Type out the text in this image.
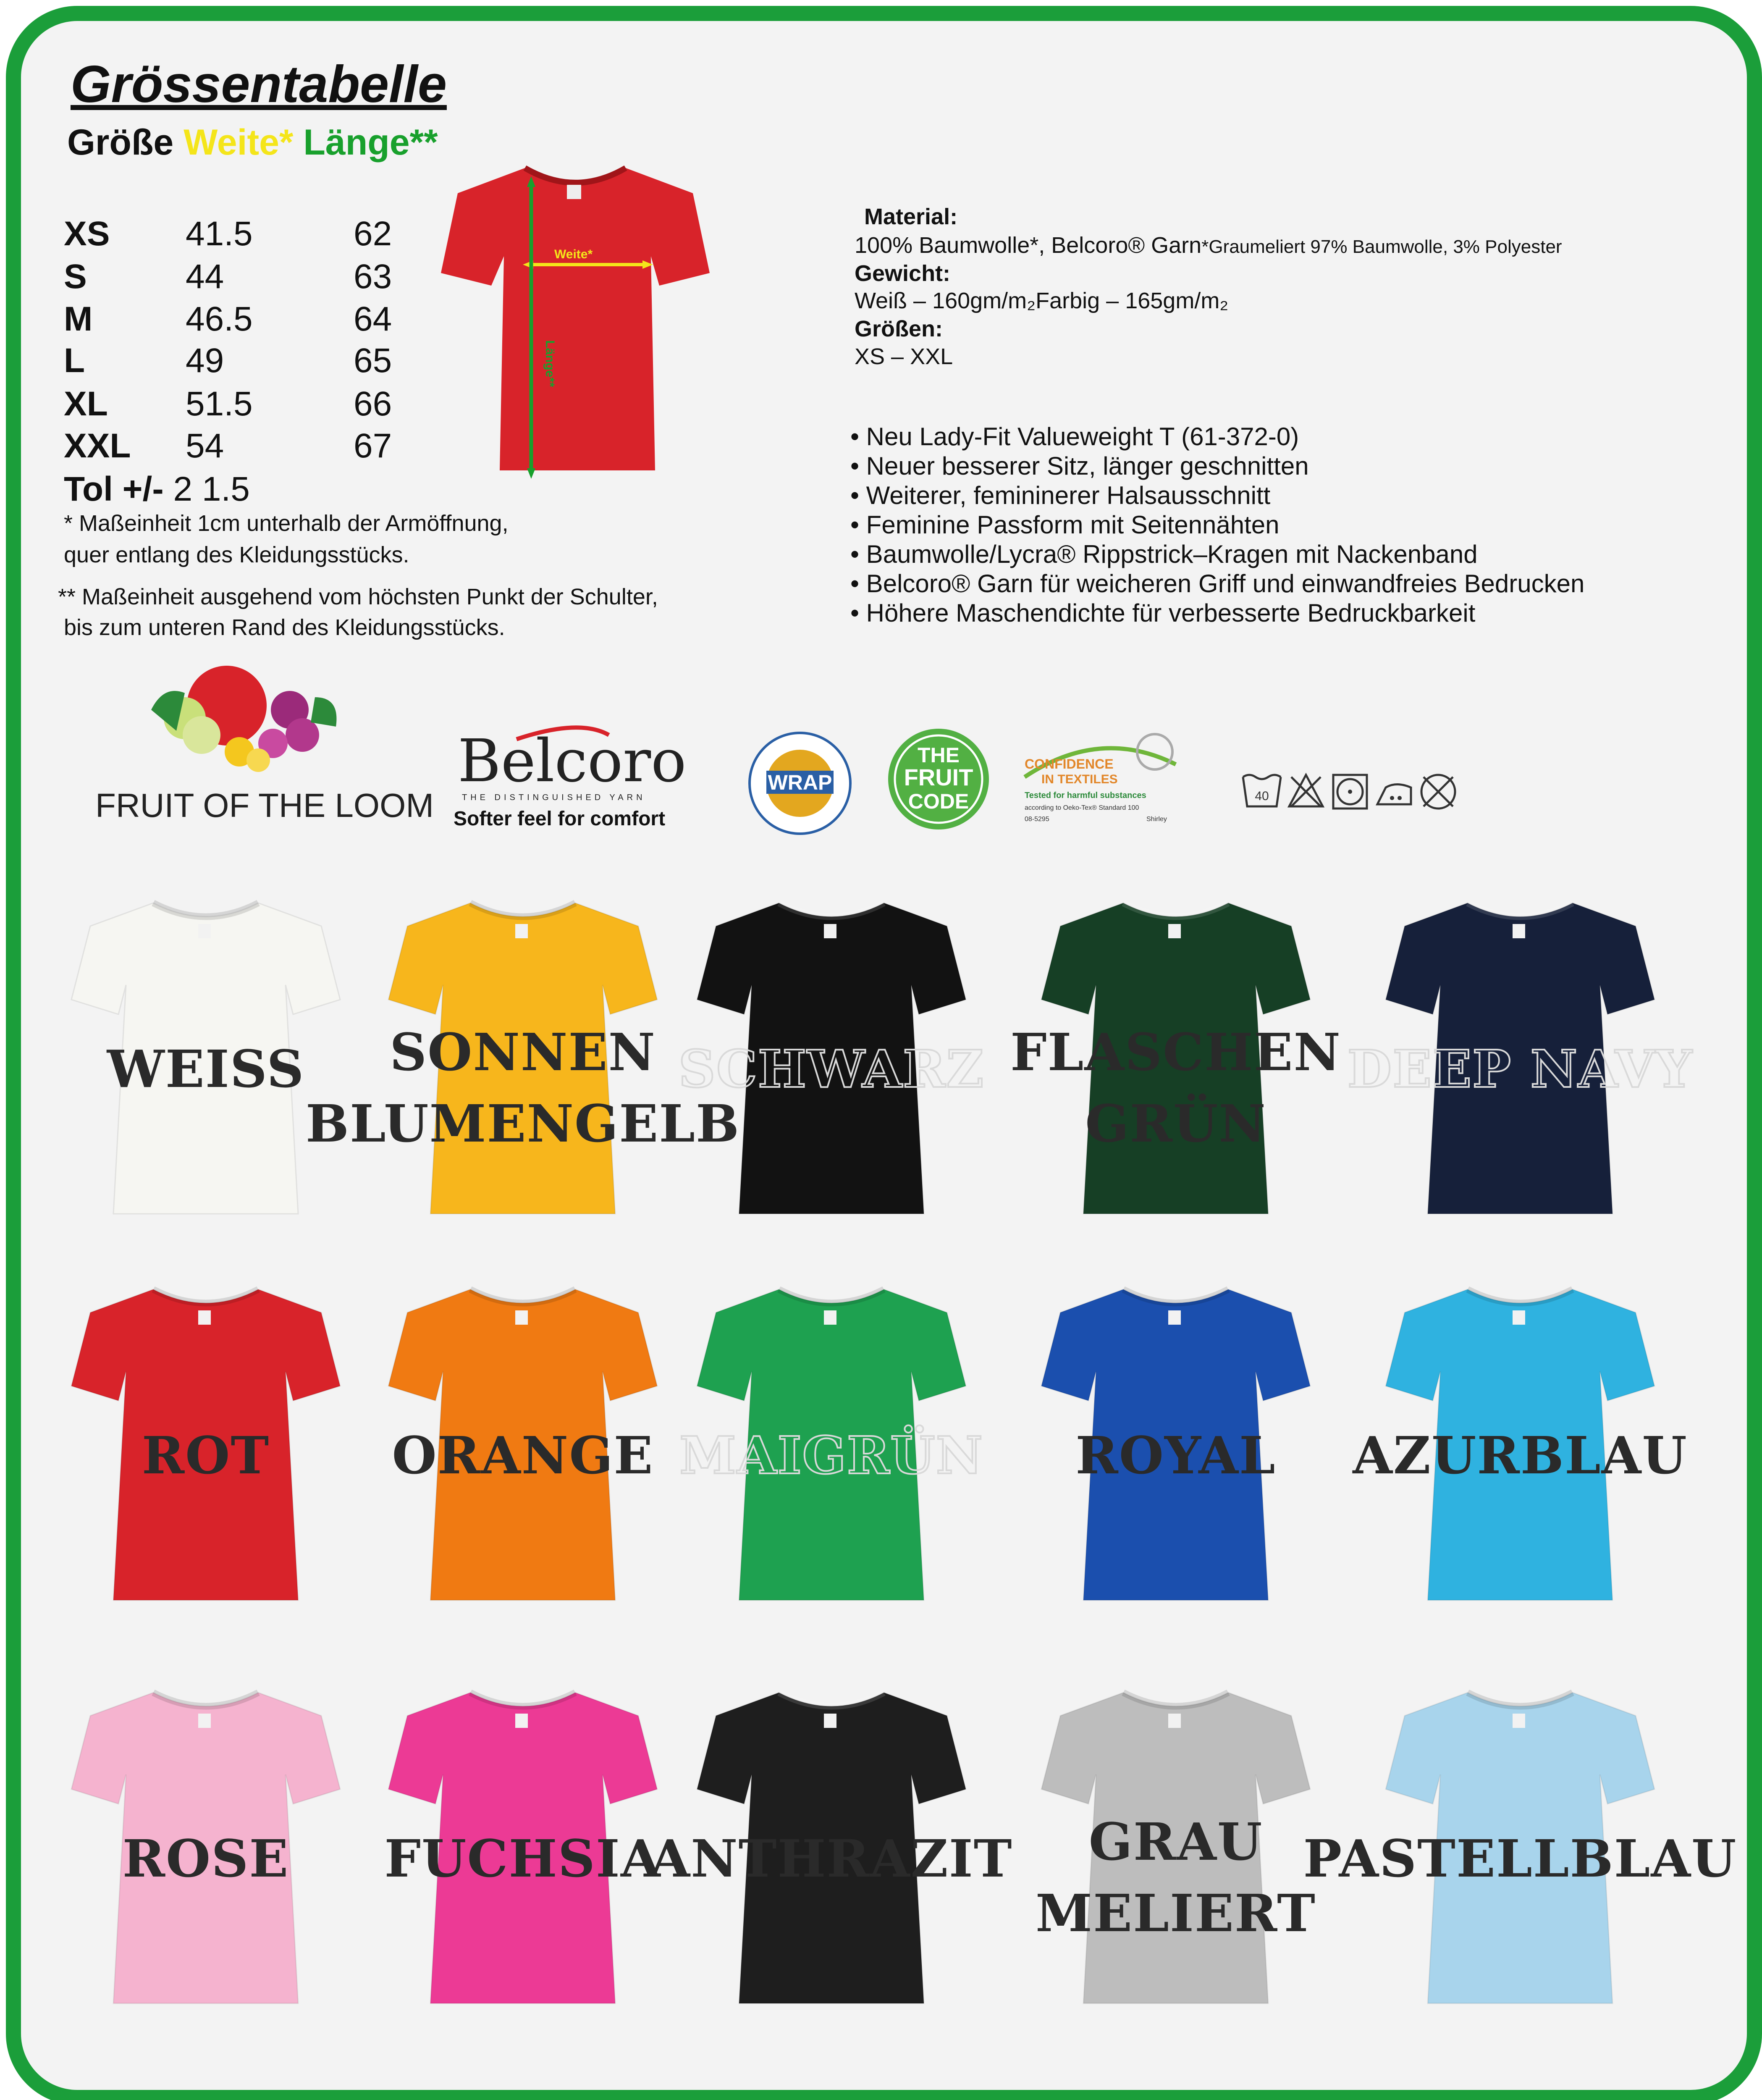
Grössentabelle
Größe Weite* Länge**
XS 41.5	62
S	44	63
M	46.5	64
L	49	65
XL 51.5	66
XXL 54	67
Tol +/- 2 1.5
* Maßeinheit 1cm unterhalb der Armöffnung,
quer entlang des Kleidungsstücks.
** Maßeinheit ausgehend vom höchsten Punkt der Schulter,
bis zum unteren Rand des Kleidungsstücks.
Weite*
Länge**
Material:
100% Baumwolle*, Belcoro® Garn*Graumeliert 97% Baumwolle, 3% Polyester
Gewicht:
Weiß – 160gm/m₂Farbig – 165gm/m₂
Größen:
XS – XXL
• Neu Lady-Fit Valueweight T (61-372-0)
• Neuer besserer Sitz, länger geschnitten
• Weiterer, femininerer Halsausschnitt
• Feminine Passform mit Seitennähten
• Baumwolle/Lycra® Rippstrick–Kragen mit Nackenband
• Belcoro® Garn für weicheren Griff und einwandfreies Bedrucken
• Höhere Maschendichte für verbesserte Bedruckbarkeit
FRUIT OF THE LOOM
Belcoro
THE DISTINGUISHED YARN
Softer feel for comfort
WRAP
THE
FRUIT
CODE
CONFIDENCE
IN TEXTILES
Tested for harmful substances
according to Oeko-Tex® Standard 100
08-5295	Shirley
40
WEISS SONNEN
BLUMENGELB
SCHWARZ FLASCHEN
GRÜN
DEEP NAVY
ROT ORANGE MAIGRÜN ROYAL AZURBLAU
ROSE FUCHSIA
ANTHRAZIT GRAU
MELIERT
PASTELLBLAU
